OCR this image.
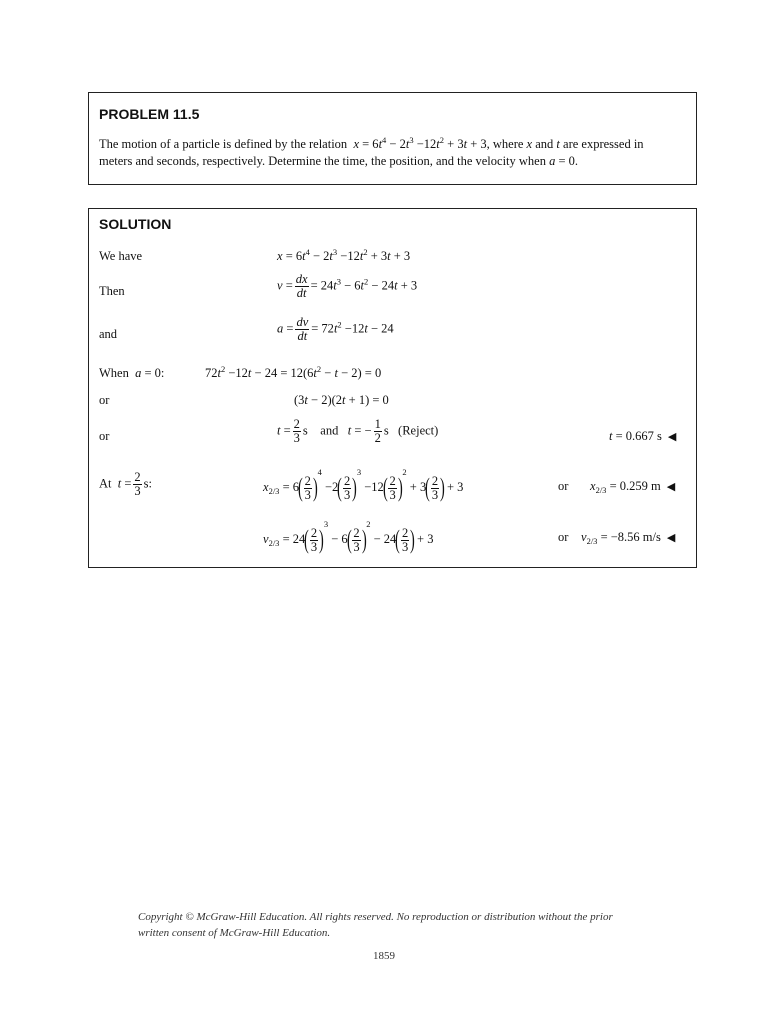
PROBLEM 11.5
The motion of a particle is defined by the relation $x = 6t^4 - 2t^3 -12t^2 + 3t + 3$, where x and t are expressed in
meters and seconds, respectively. Determine the time, the position, and the velocity when a = 0.
SOLUTION
We have	$x = 6t^4 - 2t^3 -12t^2 + 3t + 3$
Then	$v = \frac{dx}{dt} = 24t^3 - 6t^2 - 24t + 3$
and	$a = \frac{dv}{dt} = 72t^2 -12t - 24$
When  a = 0:	$72t^2 -12t - 24 = 12(6t^2 - t - 2) = 0$
or	(3t − 2)(2t + 1) = 0
or	$t = \frac{2}{3}$ s    and   t = − $\frac{1}{2}$ s   (Reject)	t = 0.667 s ◀
At  $t = \frac{2}{3} s$:	$x_{2/3} = 6( \frac{2}{3} )^4 -2( \frac{2}{3} )^3 -12( \frac{2}{3} )^2 + 3( \frac{2}{3}$ ) + 3	or $x_{2/3} = 0.259$ m ◀
$v_{2/3} = 24( \frac{2}{3} )^3 - 6( \frac{2}{3} )^2 - 24( \frac{2}{3}$ ) + 3	or $v_{2/3} = -8.56$ m/s ◀
Copyright © McGraw-Hill Education. All rights reserved. No reproduction or distribution without the prior
written consent of McGraw-Hill Education.
1859
